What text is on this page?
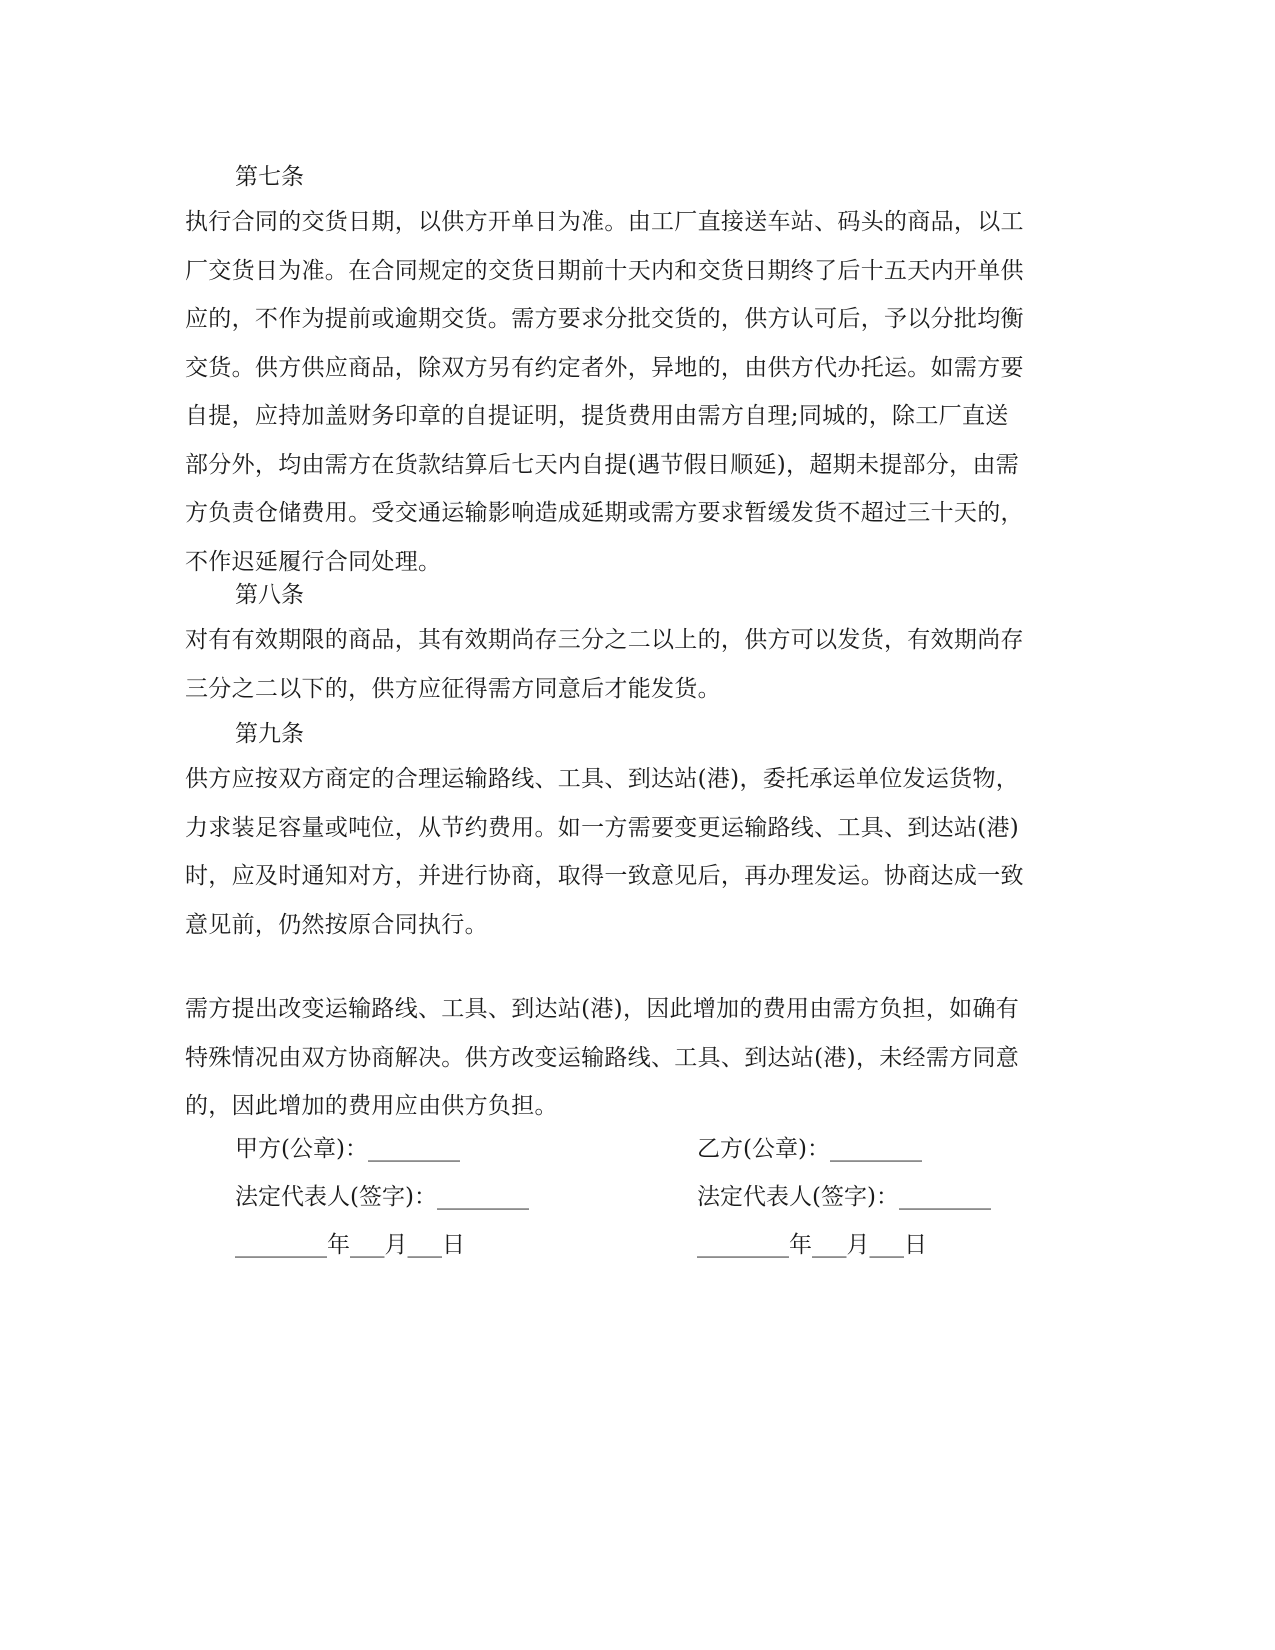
第七条
执行合同的交货日期，以供方开单日为准。由工厂直接送车站、码头的商品，以工
厂交货日为准。在合同规定的交货日期前十天内和交货日期终了后十五天内开单供
应的，不作为提前或逾期交货。需方要求分批交货的，供方认可后，予以分批均衡
交货。供方供应商品，除双方另有约定者外，异地的，由供方代办托运。如需方要
自提，应持加盖财务印章的自提证明，提货费用由需方自理;同城的，除工厂直送
部分外，均由需方在货款结算后七天内自提(遇节假日顺延)，超期未提部分，由需
方负责仓储费用。受交通运输影响造成延期或需方要求暂缓发货不超过三十天的，
不作迟延履行合同处理。
第八条
对有有效期限的商品，其有效期尚存三分之二以上的，供方可以发货，有效期尚存
三分之二以下的，供方应征得需方同意后才能发货。
第九条
供方应按双方商定的合理运输路线、工具、到达站(港)，委托承运单位发运货物，
力求装足容量或吨位，从节约费用。如一方需要变更运输路线、工具、到达站(港)
时，应及时通知对方，并进行协商，取得一致意见后，再办理发运。协商达成一致
意见前，仍然按原合同执行。
需方提出改变运输路线、工具、到达站(港)，因此增加的费用由需方负担，如确有
特殊情况由双方协商解决。供方改变运输路线、工具、到达站(港)，未经需方同意
的，因此增加的费用应由供方负担。
甲方(公章)：________	乙方(公章)：________
法定代表人(签字)：________	法定代表人(签字)：________
________年___月___日	________年___月___日
